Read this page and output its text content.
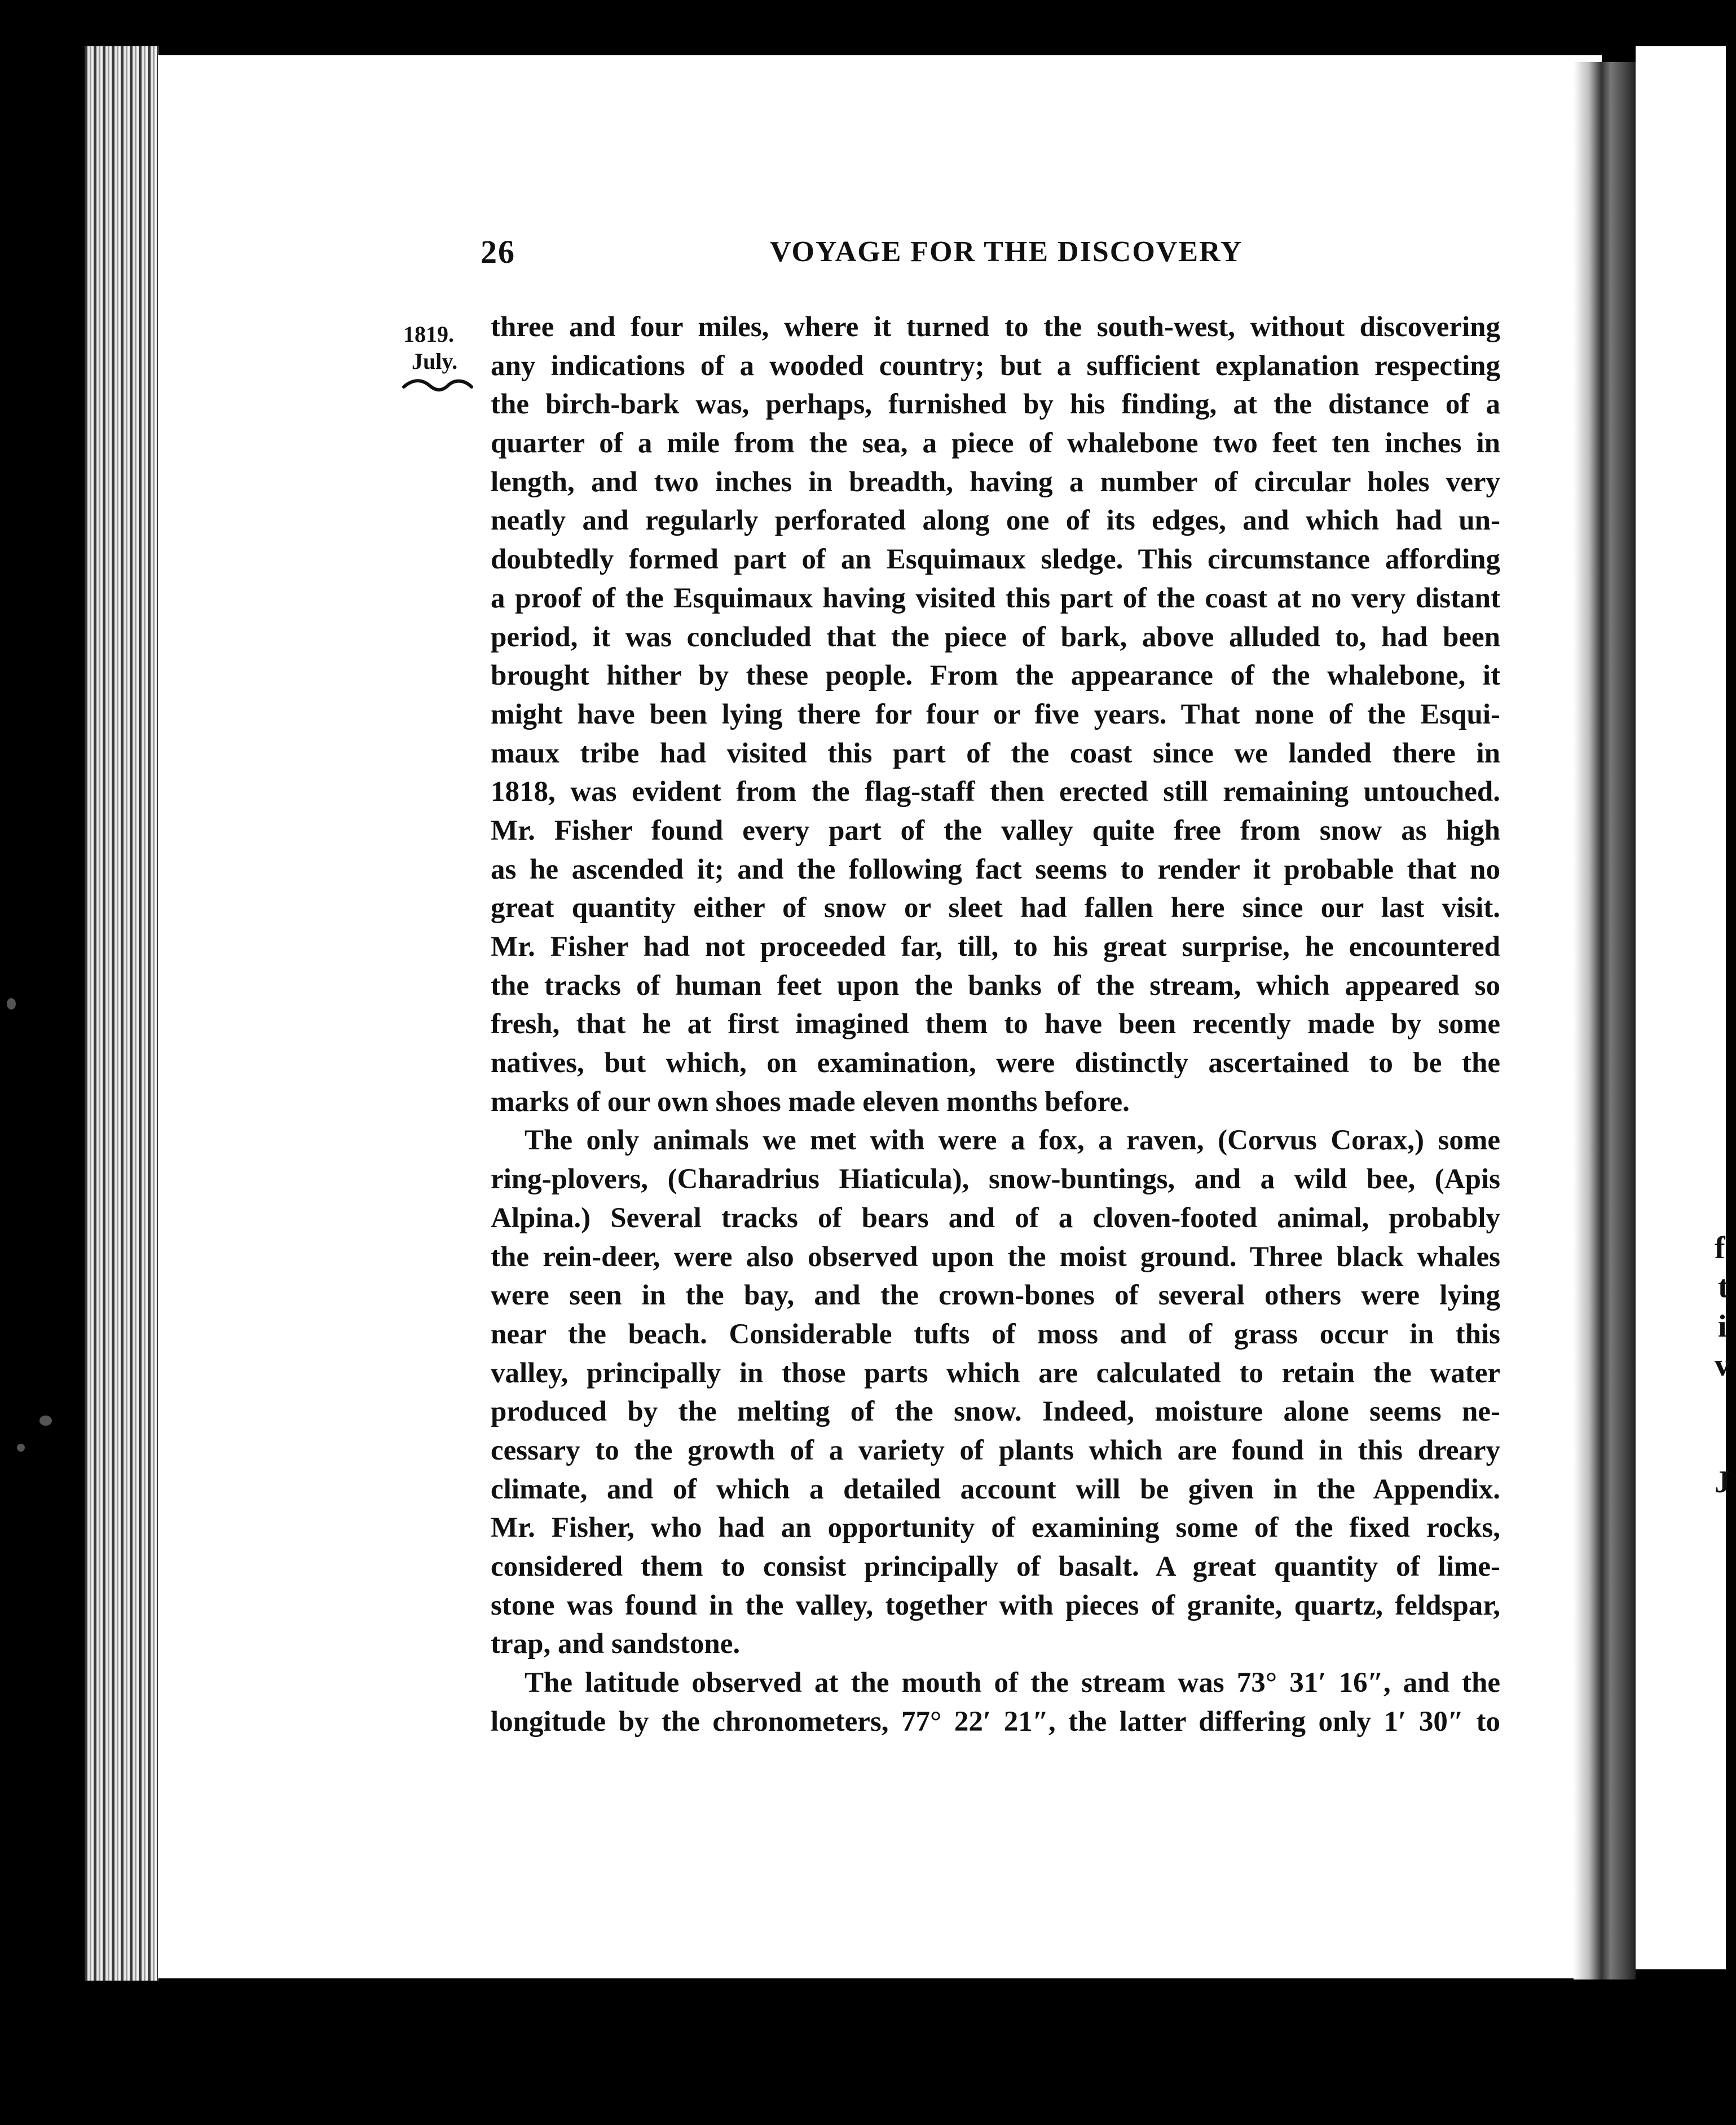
f
t
i
v
J
26	VOYAGE FOR THE DISCOVERY
1819.
July.
three and four miles, where it turned to the south-west, without discovering
any indications of a wooded country; but a sufficient explanation respecting
the birch-bark was, perhaps, furnished by his finding, at the distance of a
quarter of a mile from the sea, a piece of whalebone two feet ten inches in
length, and two inches in breadth, having a number of circular holes very
neatly and regularly perforated along one of its edges, and which had un-
doubtedly formed part of an Esquimaux sledge. This circumstance affording
a proof of the Esquimaux having visited this part of the coast at no very distant
period, it was concluded that the piece of bark, above alluded to, had been
brought hither by these people. From the appearance of the whalebone, it
might have been lying there for four or five years. That none of the Esqui-
maux tribe had visited this part of the coast since we landed there in
1818, was evident from the flag-staff then erected still remaining untouched.
Mr. Fisher found every part of the valley quite free from snow as high
as he ascended it; and the following fact seems to render it probable that no
great quantity either of snow or sleet had fallen here since our last visit.
Mr. Fisher had not proceeded far, till, to his great surprise, he encountered
the tracks of human feet upon the banks of the stream, which appeared so
fresh, that he at first imagined them to have been recently made by some
natives, but which, on examination, were distinctly ascertained to be the
marks of our own shoes made eleven months before.
The only animals we met with were a fox, a raven, (Corvus Corax,) some
ring-plovers, (Charadrius Hiaticula), snow-buntings, and a wild bee, (Apis
Alpina.) Several tracks of bears and of a cloven-footed animal, probably
the rein-deer, were also observed upon the moist ground. Three black whales
were seen in the bay, and the crown-bones of several others were lying
near the beach. Considerable tufts of moss and of grass occur in this
valley, principally in those parts which are calculated to retain the water
produced by the melting of the snow. Indeed, moisture alone seems ne-
cessary to the growth of a variety of plants which are found in this dreary
climate, and of which a detailed account will be given in the Appendix.
Mr. Fisher, who had an opportunity of examining some of the fixed rocks,
considered them to consist principally of basalt. A great quantity of lime-
stone was found in the valley, together with pieces of granite, quartz, feldspar,
trap, and sandstone.
The latitude observed at the mouth of the stream was 73° 31′ 16″, and the
longitude by the chronometers, 77° 22′ 21″, the latter differing only 1′ 30″ to
